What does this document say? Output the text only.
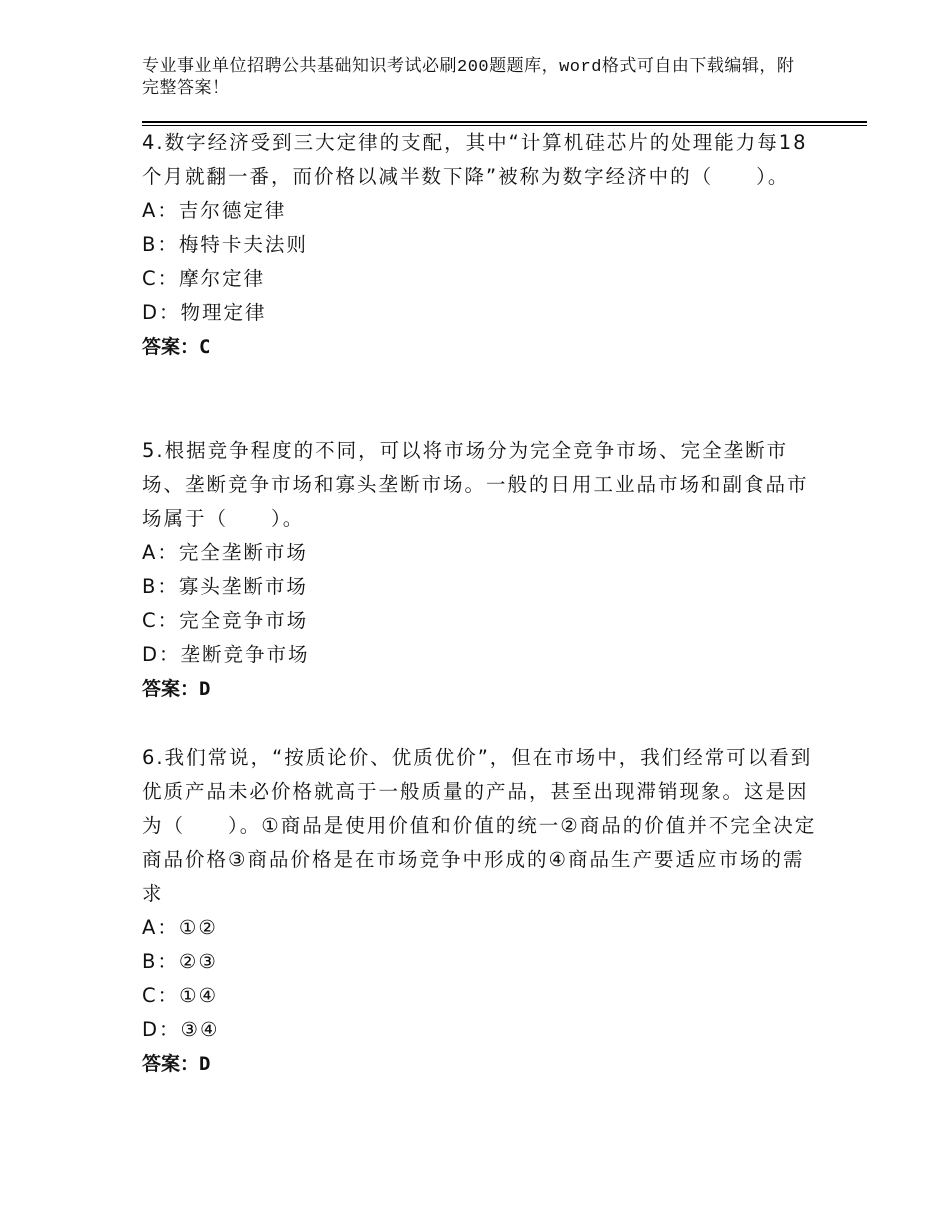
专业事业单位招聘公共基础知识考试必刷200题题库，word格式可自由下载编辑，附完整答案！
4.数字经济受到三大定律的支配，其中“计算机硅芯片的处理能力每18个月就翻一番，而价格以减半数下降”被称为数字经济中的（　　）。
A：吉尔德定律
B：梅特卡夫法则
C：摩尔定律
D：物理定律
答案：C
5.根据竞争程度的不同，可以将市场分为完全竞争市场、完全垄断市场、垄断竞争市场和寡头垄断市场。一般的日用工业品市场和副食品市场属于（　　）。
A：完全垄断市场
B：寡头垄断市场
C：完全竞争市场
D：垄断竞争市场
答案：D
6.我们常说，“按质论价、优质优价”，但在市场中，我们经常可以看到优质产品未必价格就高于一般质量的产品，甚至出现滞销现象。这是因为（　　）。①商品是使用价值和价值的统一②商品的价值并不完全决定商品价格③商品价格是在市场竞争中形成的④商品生产要适应市场的需求
A：①②
B：②③
C：①④
D：③④
答案：D
